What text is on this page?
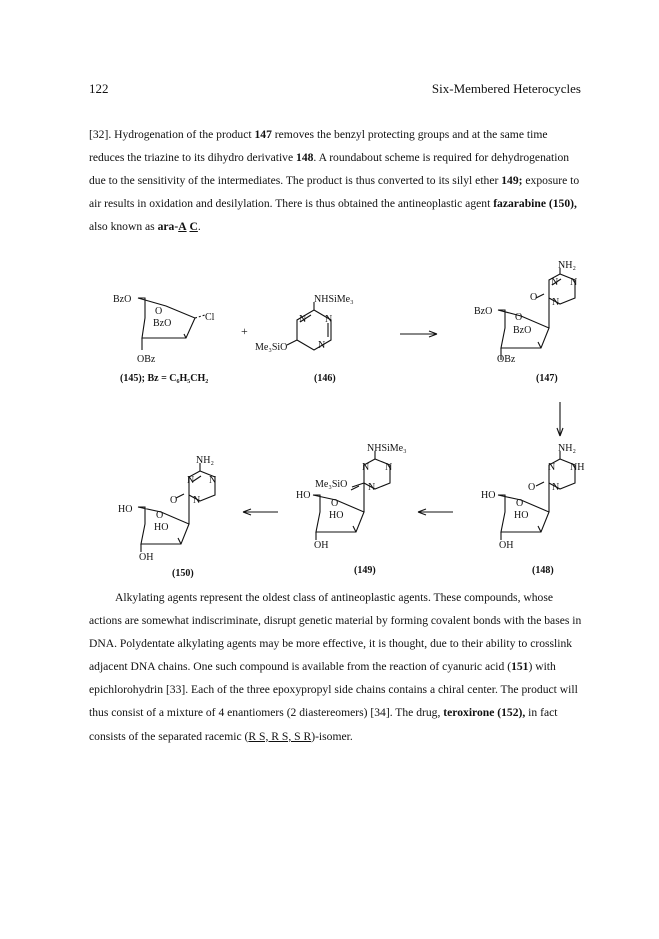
122	Six-Membered Heterocycles

[32]. Hydrogenation of the product 147 removes the benzyl protecting groups and at the same time reduces the triazine to its dihydro derivative 148. A roundabout scheme is required for dehydrogenation due to the sensitivity of the intermediates. The product is thus converted to its silyl ether 149; exposure to air results in oxidation and desilylation. There is thus obtained the antineoplastic agent fazarabine (150), also known as ara-A C.

BzO
O
BzO
Cl
OBz
+
NHSiMe₃
N N
N
Me₃SiO
NH₂
N N
N
O
BzO
O
BzO
OBz
NH₂
N NH
N
O
HO
O
HO
OH
NHSiMe₃
N N
Me₃SiO N
HO
O
HO
OH
NH₂
N N
N
O
HO
O
HO
OH
(145); Bz = C₆H₅CH₂	(146)	(147)
(150)	(149)	(148)

Alkylating agents represent the oldest class of antineoplastic agents. These compounds, whose actions are somewhat indiscriminate, disrupt genetic material by forming covalent bonds with the bases in DNA. Polydentate alkylating agents may be more effective, it is thought, due to their ability to crosslink adjacent DNA chains. One such compound is available from the reaction of cyanuric acid (151) with epichlorohydrin [33]. Each of the three epoxypropyl side chains contains a chiral center. The product will thus consist of a mixture of 4 enantiomers (2 diastereomers) [34]. The drug, teroxirone (152), in fact consists of the separated racemic (R S, R S, S R)-isomer.
